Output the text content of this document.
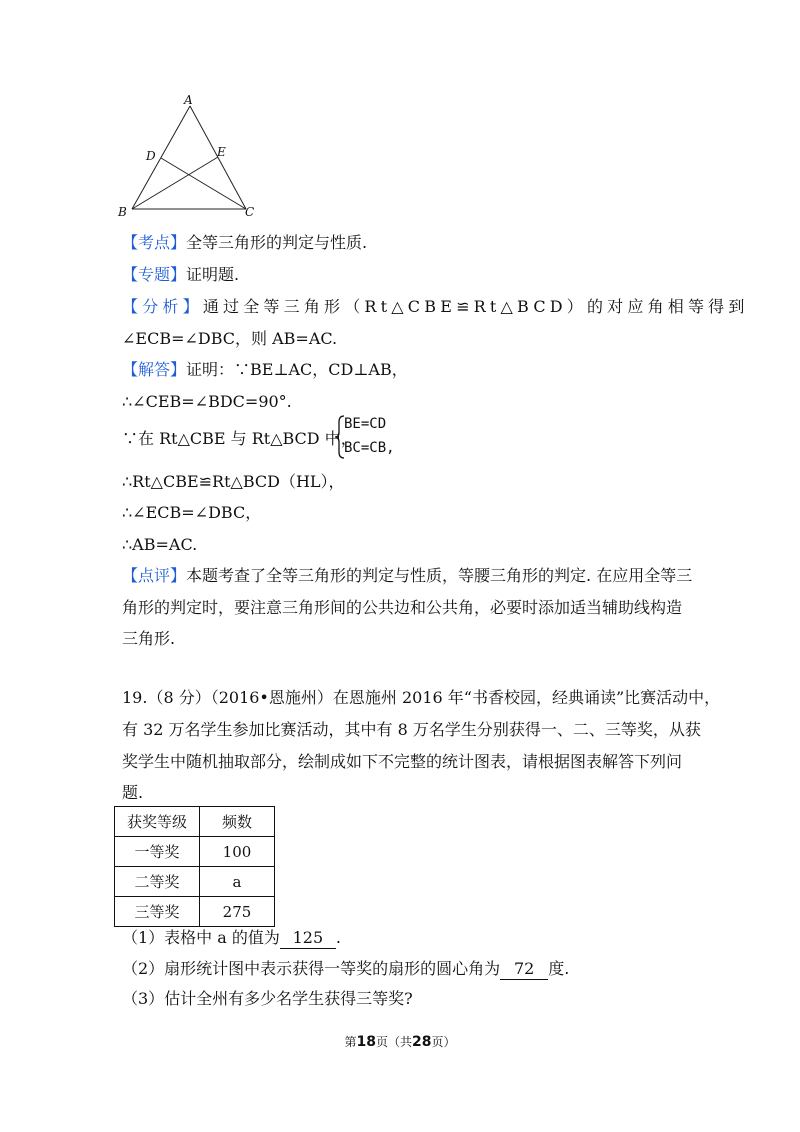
A
D	E
B	C
【考点】全等三角形的判定与性质.
【专题】证明题.
【分析】通过全等三角形（Rt△CBE≌Rt△BCD）的对应角相等得到
∠ECB=∠DBC，则 AB=AC.
【解答】证明：∵BE⊥AC，CD⊥AB，
∴∠CEB=∠BDC=90°.
∵在 Rt△CBE 与 Rt△BCD 中，
BE=CD
BC=CB,
∴Rt△CBE≌Rt△BCD（HL），
∴∠ECB=∠DBC，
∴AB=AC.
【点评】本题考查了全等三角形的判定与性质，等腰三角形的判定. 在应用全等三
角形的判定时，要注意三角形间的公共边和公共角，必要时添加适当辅助线构造
三角形.
19.（8 分）（2016•恩施州）在恩施州 2016 年“书香校园，经典诵读”比赛活动中，
有 32 万名学生参加比赛活动，其中有 8 万名学生分别获得一、二、三等奖，从获
奖学生中随机抽取部分，绘制成如下不完整的统计图表，请根据图表解答下列问
题.
获奖等级	频数
一等奖	100
二等奖	a
三等奖	275
（1）表格中 a 的值为 125 .
（2）扇形统计图中表示获得一等奖的扇形的圆心角为 72 度.
（3）估计全州有多少名学生获得三等奖?
第18页（共28页）
